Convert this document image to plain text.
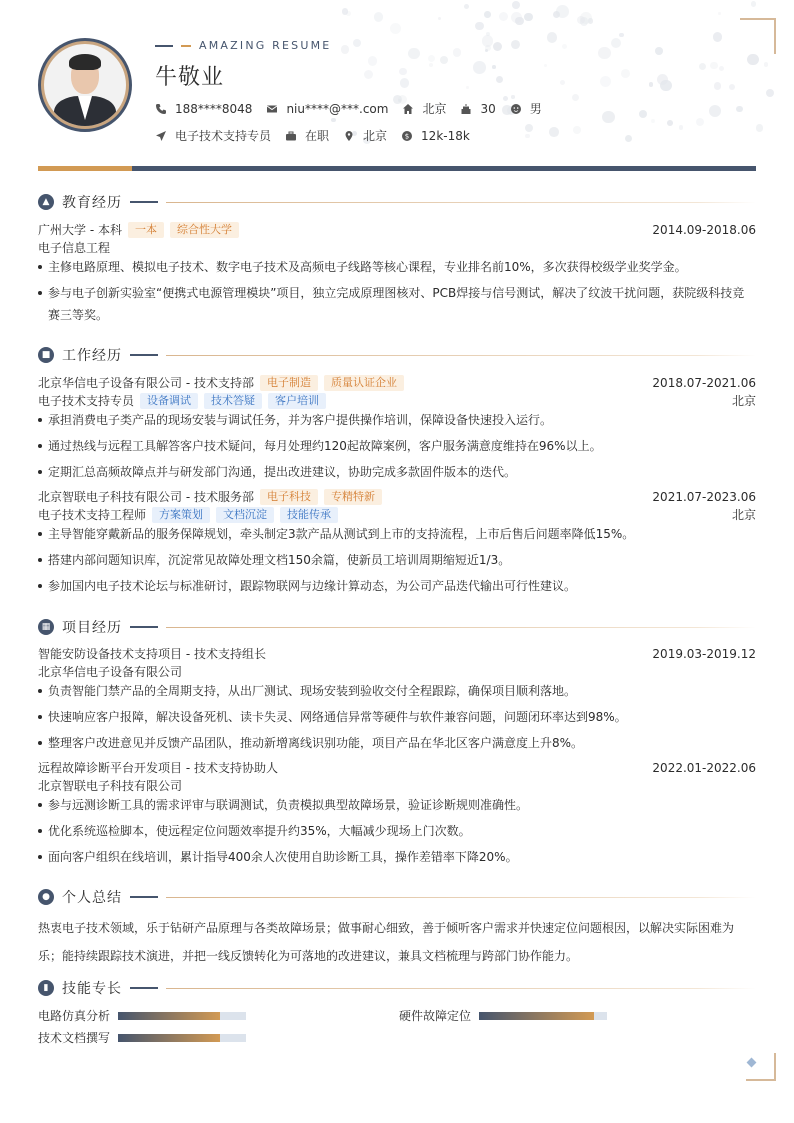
AMAZING RESUME
牛敬业
188****8048	niu****@***.com	北京	30	男
电子技术支持专员	在职	北京	$ 12k-18k
▲ 教育经历
广州大学 - 本科	一本	综合性大学	2014.09-2018.06
电子信息工程
主修电路原理、模拟电子技术、数字电子技术及高频电子线路等核心课程，专业排名前10%，多次获得校级学业奖学金。
参与电子创新实验室“便携式电源管理模块”项目，独立完成原理图核对、PCB焊接与信号测试，解决了纹波干扰问题，获院级科技竞赛三等奖。
■ 工作经历
北京华信电子设备有限公司 - 技术支持部	电子制造	质量认证企业	2018.07-2021.06
电子技术支持专员	设备调试	技术答疑	客户培训	北京
承担消费电子类产品的现场安装与调试任务，并为客户提供操作培训，保障设备快速投入运行。
通过热线与远程工具解答客户技术疑问，每月处理约120起故障案例，客户服务满意度维持在96%以上。
定期汇总高频故障点并与研发部门沟通，提出改进建议，协助完成多款固件版本的迭代。
北京智联电子科技有限公司 - 技术服务部	电子科技	专精特新	2021.07-2023.06
电子技术支持工程师	方案策划	文档沉淀	技能传承	北京
主导智能穿戴新品的服务保障规划，牵头制定3款产品从测试到上市的支持流程，上市后售后问题率降低15%。
搭建内部问题知识库，沉淀常见故障处理文档150余篇，使新员工培训周期缩短近1/3。
参加国内电子技术论坛与标准研讨，跟踪物联网与边缘计算动态，为公司产品迭代输出可行性建议。
▦ 项目经历
智能安防设备技术支持项目 - 技术支持组长	2019.03-2019.12
北京华信电子设备有限公司
负责智能门禁产品的全周期支持，从出厂测试、现场安装到验收交付全程跟踪，确保项目顺利落地。
快速响应客户报障，解决设备死机、读卡失灵、网络通信异常等硬件与软件兼容问题，问题闭环率达到98%。
整理客户改进意见并反馈产品团队，推动新增离线识别功能，项目产品在华北区客户满意度上升8%。
远程故障诊断平台开发项目 - 技术支持协助人	2022.01-2022.06
北京智联电子科技有限公司
参与远测诊断工具的需求评审与联调测试，负责模拟典型故障场景，验证诊断规则准确性。
优化系统巡检脚本，使远程定位问题效率提升约35%，大幅减少现场上门次数。
面向客户组织在线培训，累计指导400余人次使用自助诊断工具，操作差错率下降20%。
● 个人总结
热衷电子技术领域，乐于钻研产品原理与各类故障场景；做事耐心细致，善于倾听客户需求并快速定位问题根因，以解决实际困难为乐；能持续跟踪技术演进，并把一线反馈转化为可落地的改进建议，兼具文档梳理与跨部门协作能力。
▮ 技能专长
电路仿真分析	硬件故障定位
技术文档撰写
